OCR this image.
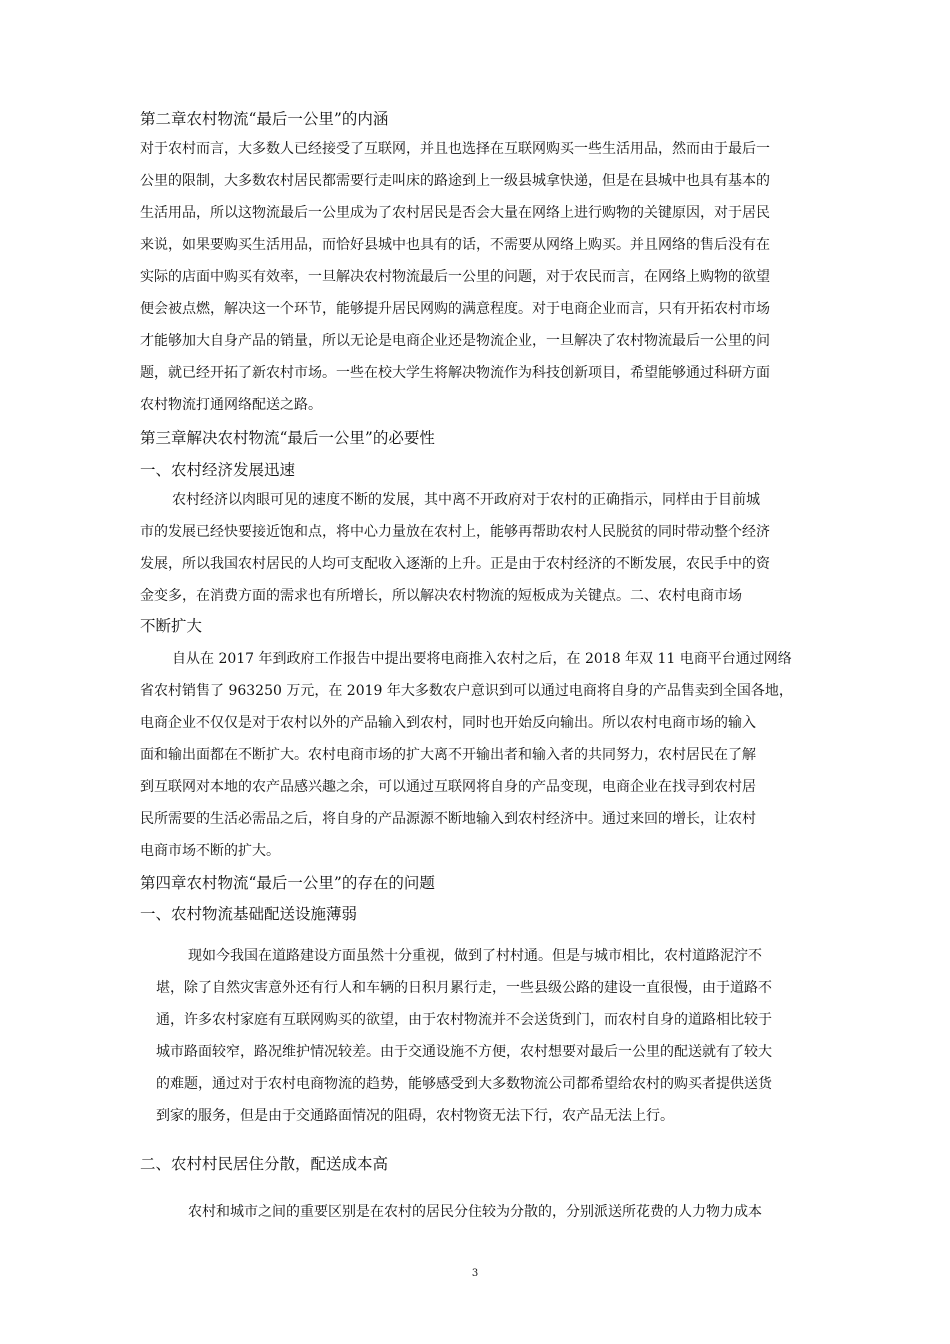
第二章农村物流“最后一公里”的内涵
对于农村而言，大多数人已经接受了互联网，并且也选择在互联网购买一些生活用品，然而由于最后一
公里的限制，大多数农村居民都需要行走叫床的路途到上一级县城拿快递，但是在县城中也具有基本的
生活用品，所以这物流最后一公里成为了农村居民是否会大量在网络上进行购物的关键原因，对于居民
来说，如果要购买生活用品，而恰好县城中也具有的话，不需要从网络上购买。并且网络的售后没有在
实际的店面中购买有效率，一旦解决农村物流最后一公里的问题，对于农民而言，在网络上购物的欲望
便会被点燃，解决这一个环节，能够提升居民网购的满意程度。对于电商企业而言，只有开拓农村市场
才能够加大自身产品的销量，所以无论是电商企业还是物流企业，一旦解决了农村物流最后一公里的问
题，就已经开拓了新农村市场。一些在校大学生将解决物流作为科技创新项目，希望能够通过科研方面
农村物流打通网络配送之路。
第三章解决农村物流“最后一公里”的必要性
一、农村经济发展迅速
农村经济以肉眼可见的速度不断的发展，其中离不开政府对于农村的正确指示，同样由于目前城
市的发展已经快要接近饱和点，将中心力量放在农村上，能够再帮助农村人民脱贫的同时带动整个经济
发展，所以我国农村居民的人均可支配收入逐渐的上升。正是由于农村经济的不断发展，农民手中的资
金变多，在消费方面的需求也有所增长，所以解决农村物流的短板成为关键点。二、农村电商市场
不断扩大
自从在 2017 年到政府工作报告中提出要将电商推入农村之后，在 2018 年双 11 电商平台通过网络
省农村销售了 963250 万元，在 2019 年大多数农户意识到可以通过电商将自身的产品售卖到全国各地，
电商企业不仅仅是对于农村以外的产品输入到农村，同时也开始反向输出。所以农村电商市场的输入
面和输出面都在不断扩大。农村电商市场的扩大离不开输出者和输入者的共同努力，农村居民在了解
到互联网对本地的农产品感兴趣之余，可以通过互联网将自身的产品变现，电商企业在找寻到农村居
民所需要的生活必需品之后，将自身的产品源源不断地输入到农村经济中。通过来回的增长，让农村
电商市场不断的扩大。
第四章农村物流“最后一公里”的存在的问题
一、农村物流基础配送设施薄弱
现如今我国在道路建设方面虽然十分重视，做到了村村通。但是与城市相比，农村道路泥泞不
堪，除了自然灾害意外还有行人和车辆的日积月累行走，一些县级公路的建设一直很慢，由于道路不
通，许多农村家庭有互联网购买的欲望，由于农村物流并不会送货到门，而农村自身的道路相比较于
城市路面较窄，路况维护情况较差。由于交通设施不方便，农村想要对最后一公里的配送就有了较大
的难题，通过对于农村电商物流的趋势，能够感受到大多数物流公司都希望给农村的购买者提供送货
到家的服务，但是由于交通路面情况的阻碍，农村物资无法下行，农产品无法上行。
二、农村村民居住分散，配送成本高
农村和城市之间的重要区别是在农村的居民分住较为分散的，分别派送所花费的人力物力成本
3
